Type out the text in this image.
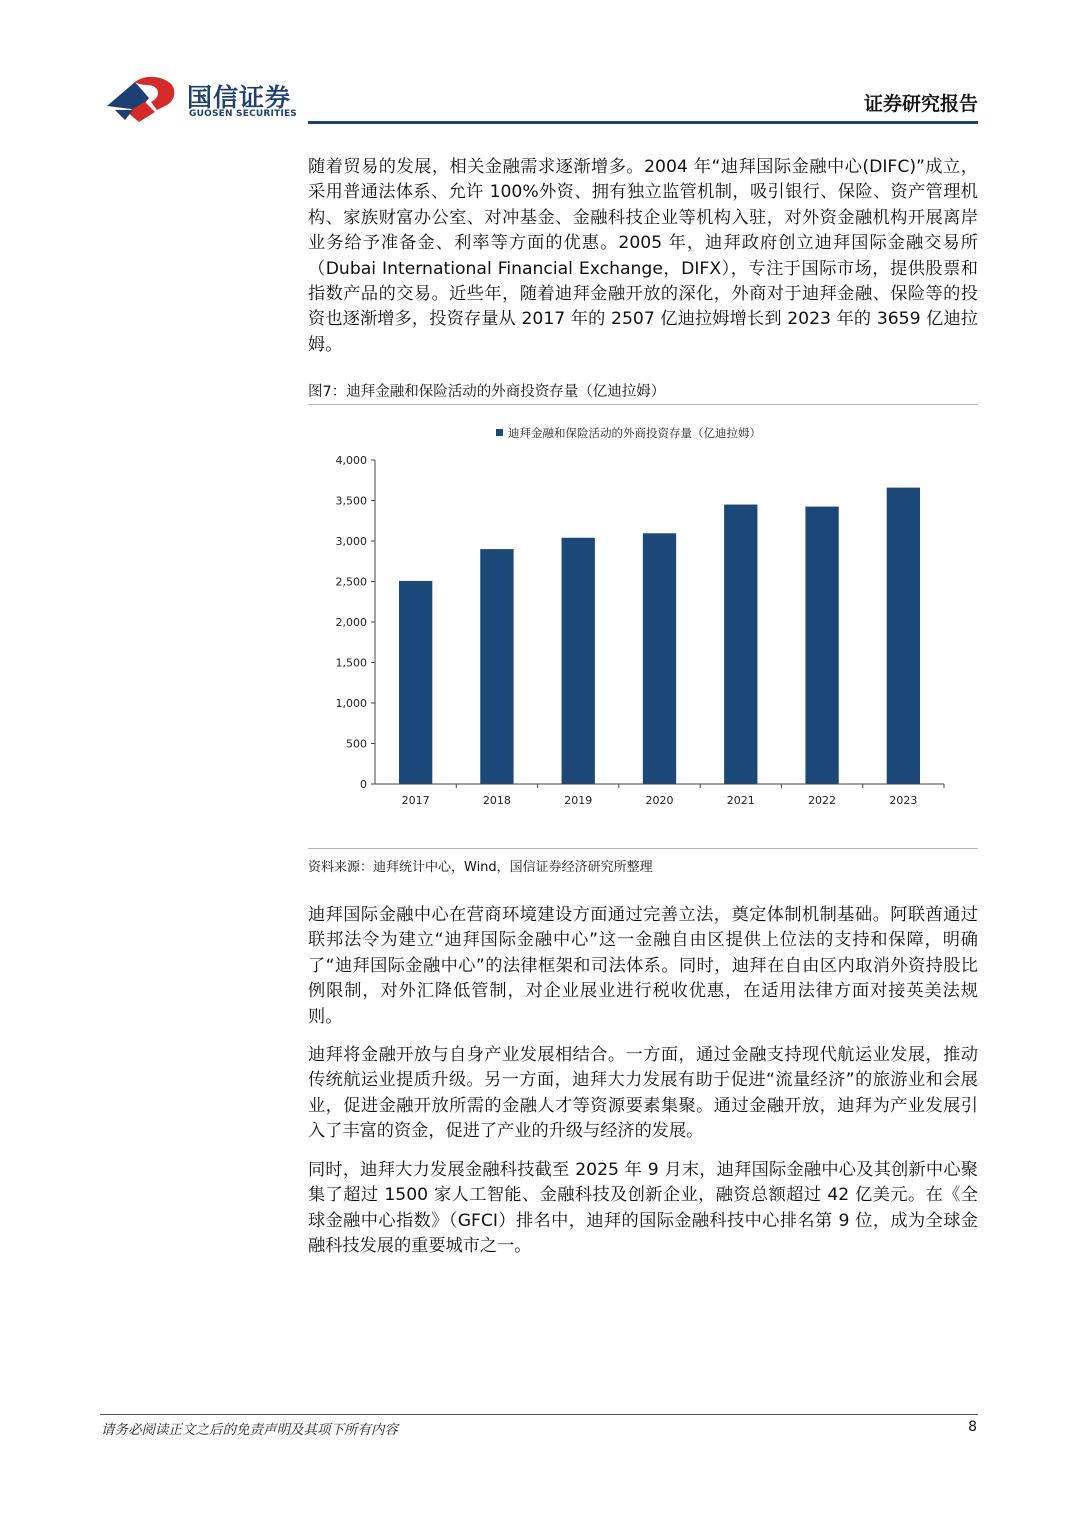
国信证券
GUOSEN SECURITIES	证券研究报告

随着贸易的发展，相关金融需求逐渐增多。2004 年“迪拜国际金融中心(DIFC)”成立，采用普通法体系、允许 100%外资、拥有独立监管机制，吸引银行、保险、资产管理机构、家族财富办公室、对冲基金、金融科技企业等机构入驻，对外资金融机构开展离岸业务给予准备金、利率等方面的优惠。2005 年，迪拜政府创立迪拜国际金融交易所（Dubai International Financial Exchange，DIFX），专注于国际市场，提供股票和指数产品的交易。近些年，随着迪拜金融开放的深化，外商对于迪拜金融、保险等的投资也逐渐增多，投资存量从 2017 年的 2507 亿迪拉姆增长到 2023 年的 3659 亿迪拉姆。

图7：迪拜金融和保险活动的外商投资存量（亿迪拉姆）
迪拜金融和保险活动的外商投资存量（亿迪拉姆）
0
500
1,000
1,500
2,000
2,500
3,000
3,500
4,000
2017	2018	2019	2020	2021	2022	2023
资料来源：迪拜统计中心，Wind，国信证券经济研究所整理

迪拜国际金融中心在营商环境建设方面通过完善立法，奠定体制机制基础。阿联酋通过联邦法令为建立“迪拜国际金融中心”这一金融自由区提供上位法的支持和保障，明确了“迪拜国际金融中心”的法律框架和司法体系。同时，迪拜在自由区内取消外资持股比例限制，对外汇降低管制，对企业展业进行税收优惠，在适用法律方面对接英美法规则。

迪拜将金融开放与自身产业发展相结合。一方面，通过金融支持现代航运业发展，推动传统航运业提质升级。另一方面，迪拜大力发展有助于促进“流量经济”的旅游业和会展业，促进金融开放所需的金融人才等资源要素集聚。通过金融开放，迪拜为产业发展引入了丰富的资金，促进了产业的升级与经济的发展。

同时，迪拜大力发展金融科技截至 2025 年 9 月末，迪拜国际金融中心及其创新中心聚集了超过 1500 家人工智能、金融科技及创新企业，融资总额超过 42 亿美元。在《全球金融中心指数》（GFCI）排名中，迪拜的国际金融科技中心排名第 9 位，成为全球金融科技发展的重要城市之一。

请务必阅读正文之后的免责声明及其项下所有内容	8
